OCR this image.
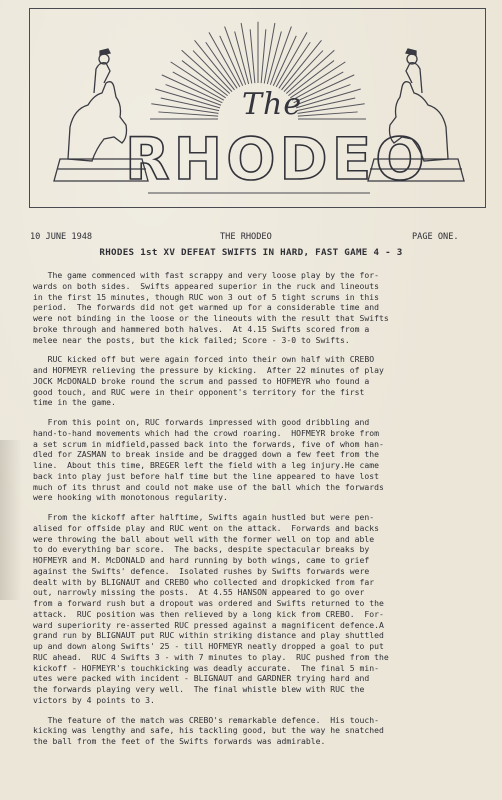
The
RHODEO
10 JUNE 1948	THE RHODEO	PAGE ONE.
RHODES 1st XV DEFEAT SWIFTS IN HARD, FAST GAME 4 - 3

The game commenced with fast scrappy and very loose play by the for-
wards on both sides.  Swifts appeared superior in the ruck and lineouts
in the first 15 minutes, though RUC won 3 out of 5 tight scrums in this
period.  The forwards did not get warmed up for a considerable time and
were not binding in the loose or the lineouts with the result that Swifts
broke through and hammered both halves.  At 4.15 Swifts scored from a
melee near the posts, but the kick failed; Score - 3-0 to Swifts.

RUC kicked off but were again forced into their own half with CREBO
and HOFMEYR relieving the pressure by kicking.  After 22 minutes of play
JOCK McDONALD broke round the scrum and passed to HOFMEYR who found a
good touch, and RUC were in their opponent's territory for the first
time in the game.

From this point on, RUC forwards impressed with good dribbling and
hand-to-hand movements which had the crowd roaring.  HOFMEYR broke from
a set scrum in midfield,passed back into the forwards, five of whom han-
dled for ZASMAN to break inside and be dragged down a few feet from the
line.  About this time, BREGER left the field with a leg injury.He came
back into play just before half time but the line appeared to have lost
much of its thrust and could not make use of the ball which the forwards
were hooking with monotonous regularity.

From the kickoff after halftime, Swifts again hustled but were pen-
alised for offside play and RUC went on the attack.  Forwards and backs
were throwing the ball about well with the former well on top and able
to do everything bar score.  The backs, despite spectacular breaks by
HOFMEYR and M. McDONALD and hard running by both wings, came to grief
against the Swifts' defence.  Isolated rushes by Swifts forwards were
dealt with by BLIGNAUT and CREBO who collected and dropkicked from far
out, narrowly missing the posts.  At 4.55 HANSON appeared to go over
from a forward rush but a dropout was ordered and Swifts returned to the
attack.  RUC position was then relieved by a long kick from CREBO.  For-
ward superiority re-asserted RUC pressed against a magnificent defence.A
grand run by BLIGNAUT put RUC within striking distance and play shuttled
up and down along Swifts' 25 - till HOFMEYR neatly dropped a goal to put
RUC ahead.  RUC 4 Swifts 3 - with 7 minutes to play.  RUC pushed from the
kickoff - HOFMEYR's touchkicking was deadly accurate.  The final 5 min-
utes were packed with incident - BLIGNAUT and GARDNER trying hard and
the forwards playing very well.  The final whistle blew with RUC the
victors by 4 points to 3.

The feature of the match was CREBO's remarkable defence.  His touch-
kicking was lengthy and safe, his tackling good, but the way he snatched
the ball from the feet of the Swifts forwards was admirable.
